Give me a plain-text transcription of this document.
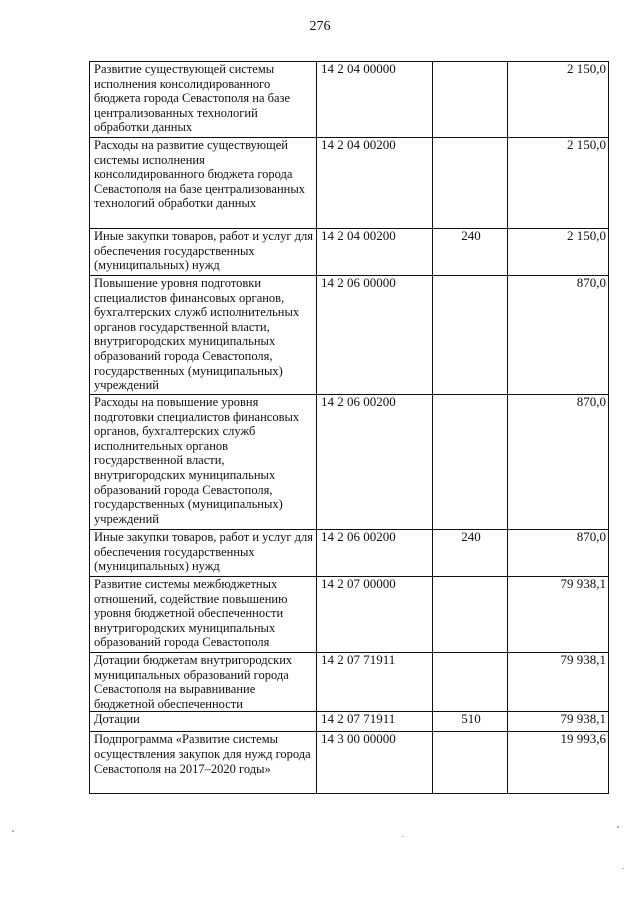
276
Развитие существующей системы исполнения консолидированного бюджета города Севастополя на базе централизованных технологий обработки данных	14 2 04 00000		2 150,0
Расходы на развитие существующей системы исполнения консолидированного бюджета города Севастополя на базе централизованных технологий обработки данных	14 2 04 00200		2 150,0
Иные закупки товаров, работ и услуг для обеспечения государственных (муниципальных) нужд	14 2 04 00200	240	2 150,0
Повышение уровня подготовки специалистов финансовых органов, бухгалтерских служб исполнительных органов государственной власти, внутригородских муниципальных образований города Севастополя, государственных (муниципальных) учреждений	14 2 06 00000		870,0
Расходы на повышение уровня подготовки специалистов финансовых органов, бухгалтерских служб исполнительных органов государственной власти, внутригородских муниципальных образований города Севастополя, государственных (муниципальных) учреждений	14 2 06 00200		870,0
Иные закупки товаров, работ и услуг для обеспечения государственных (муниципальных) нужд	14 2 06 00200	240	870,0
Развитие системы межбюджетных отношений, содействие повышению уровня бюджетной обеспеченности внутригородских муниципальных образований города Севастополя	14 2 07 00000		79 938,1
Дотации бюджетам внутригородских муниципальных образований города Севастополя на выравнивание бюджетной обеспеченности	14 2 07 71911		79 938,1
Дотации	14 2 07 71911	510	79 938,1
Подпрограмма «Развитие системы осуществления закупок для нужд города Севастополя на 2017–2020 годы»	14 3 00 00000		19 993,6
